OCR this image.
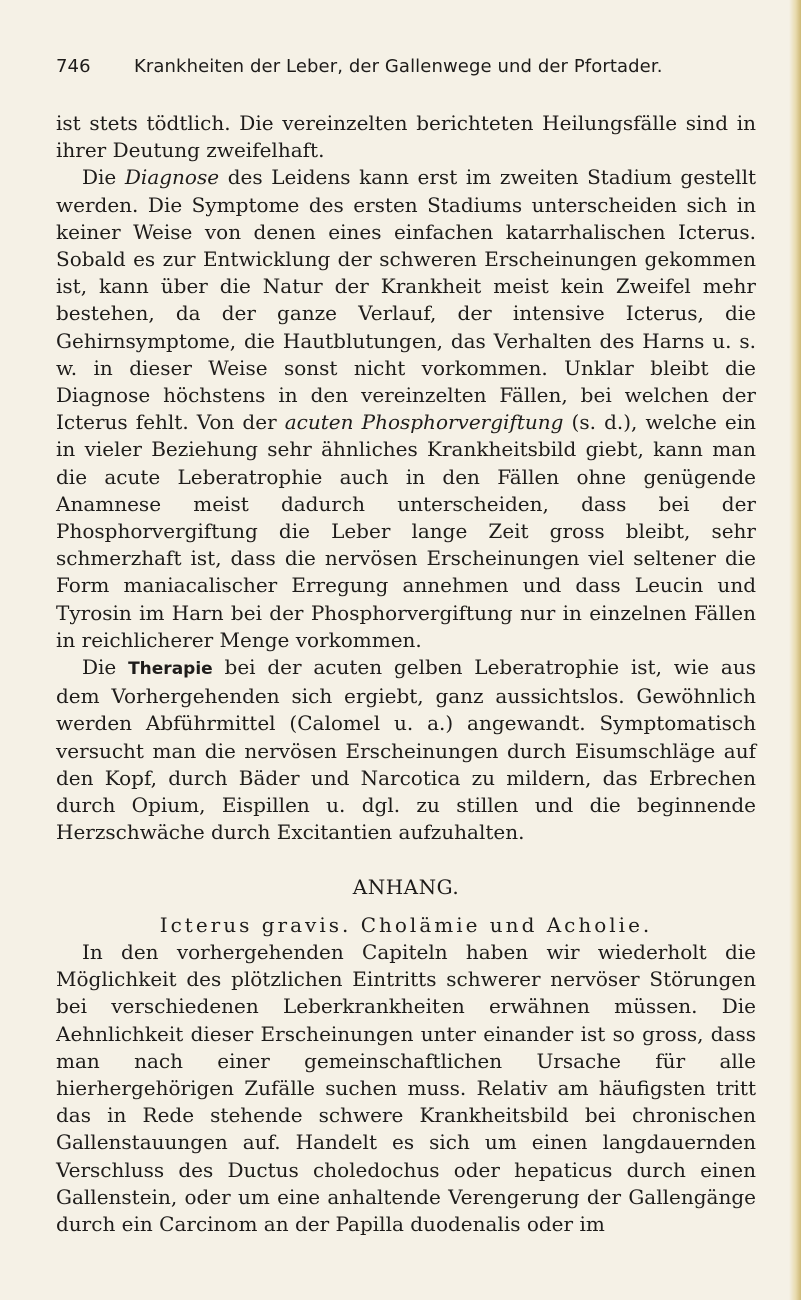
746 Krankheiten der Leber, der Gallenwege und der Pfortader.

ist stets tödtlich. Die vereinzelten berichteten Heilungsfälle sind in ihrer Deutung zweifelhaft.

Die Diagnose des Leidens kann erst im zweiten Stadium gestellt werden. Die Symptome des ersten Stadiums unterscheiden sich in keiner Weise von denen eines einfachen katarrhalischen Icterus. Sobald es zur Entwicklung der schweren Erscheinungen gekommen ist, kann über die Natur der Krankheit meist kein Zweifel mehr bestehen, da der ganze Verlauf, der intensive Icterus, die Gehirnsymptome, die Hautblutungen, das Verhalten des Harns u. s. w. in dieser Weise sonst nicht vorkommen. Unklar bleibt die Diagnose höchstens in den vereinzelten Fällen, bei welchen der Icterus fehlt. Von der acuten Phosphorvergiftung (s. d.), welche ein in vieler Beziehung sehr ähnliches Krankheitsbild giebt, kann man die acute Leberatrophie auch in den Fällen ohne genügende Anamnese meist dadurch unterscheiden, dass bei der Phosphorvergiftung die Leber lange Zeit gross bleibt, sehr schmerzhaft ist, dass die nervösen Erscheinungen viel seltener die Form maniacalischer Erregung annehmen und dass Leucin und Tyrosin im Harn bei der Phosphorvergiftung nur in einzelnen Fällen in reichlicherer Menge vorkommen.

Die Therapie bei der acuten gelben Leberatrophie ist, wie aus dem Vorhergehenden sich ergiebt, ganz aussichtslos. Gewöhnlich werden Abführmittel (Calomel u. a.) angewandt. Symptomatisch versucht man die nervösen Erscheinungen durch Eisumschläge auf den Kopf, durch Bäder und Narcotica zu mildern, das Erbrechen durch Opium, Eispillen u. dgl. zu stillen und die beginnende Herzschwäche durch Excitantien aufzuhalten.

ANHANG.
Icterus gravis. Cholämie und Acholie.

In den vorhergehenden Capiteln haben wir wiederholt die Möglichkeit des plötzlichen Eintritts schwerer nervöser Störungen bei verschiedenen Leberkrankheiten erwähnen müssen. Die Aehnlichkeit dieser Erscheinungen unter einander ist so gross, dass man nach einer gemeinschaftlichen Ursache für alle hierhergehörigen Zufälle suchen muss. Relativ am häufigsten tritt das in Rede stehende schwere Krankheitsbild bei chronischen Gallenstauungen auf. Handelt es sich um einen langdauernden Verschluss des Ductus choledochus oder hepaticus durch einen Gallenstein, oder um eine anhaltende Verengerung der Gallengänge durch ein Carcinom an der Papilla duodenalis oder im
